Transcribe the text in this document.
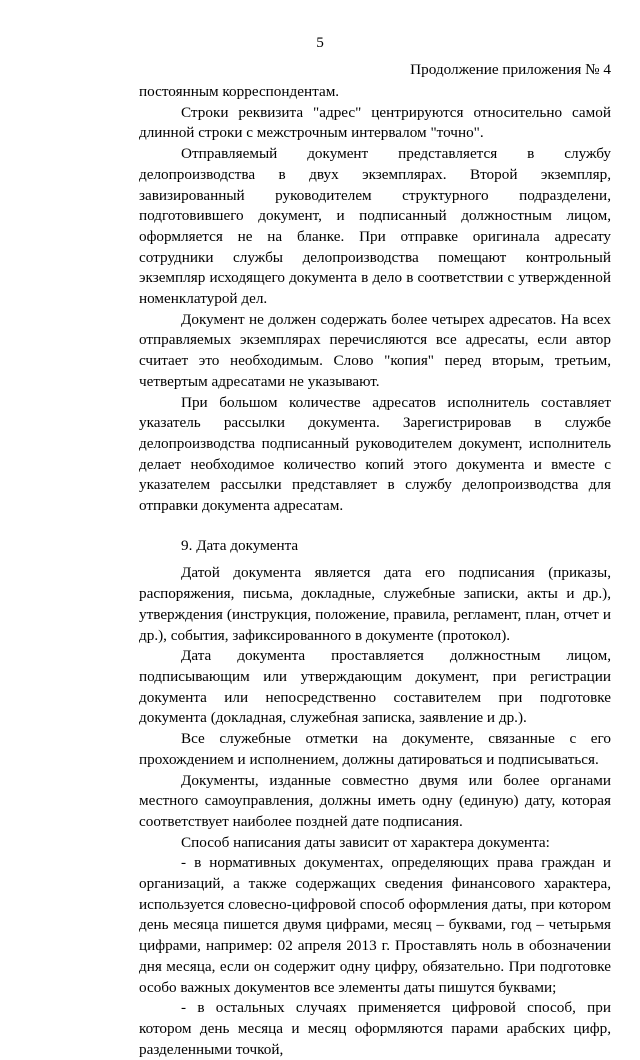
5
Продолжение приложения № 4

постоянным корреспондентам.

Строки реквизита "адрес" центрируются относительно самой длинной строки с межстрочным интервалом "точно".

Отправляемый документ представляется в службу делопроизводства в двух экземплярах. Второй экземпляр, завизированный руководителем структурного подразделени, подготовившего документ, и подписанный должностным лицом, оформляется не на бланке. При отправке оригинала адресату сотрудники службы делопроизводства помещают контрольный экземпляр исходящего документа в дело в соответствии с утвержденной номенклатурой дел.

Документ не должен содержать более четырех адресатов. На всех отправляемых экземплярах перечисляются все адресаты, если автор считает это необходимым. Слово "копия" перед вторым, третьим, четвертым адресатами не указывают.

При большом количестве адресатов исполнитель составляет указатель рассылки документа. Зарегистрировав в службе делопроизводства подписанный руководителем документ, исполнитель делает необходимое количество копий этого документа и вместе с указателем рассылки представляет в службу делопроизводства для отправки документа адресатам.

9. Дата документа

Датой документа является дата его подписания (приказы, распоряжения, письма, докладные, служебные записки, акты и др.), утверждения (инструкция, положение, правила, регламент, план, отчет и др.), события, зафиксированного в документе (протокол).

Дата документа проставляется должностным лицом, подписывающим или утверждающим документ, при регистрации документа или непосредственно составителем при подготовке документа (докладная, служебная записка, заявление и др.).

Все служебные отметки на документе, связанные с его прохождением и исполнением, должны датироваться и подписываться.

Документы, изданные совместно двумя или более органами местного самоуправления, должны иметь одну (единую) дату, которая соответствует наиболее поздней дате подписания.

Способ написания даты зависит от характера документа:

- в нормативных документах, определяющих права граждан и организаций, а также содержащих сведения финансового характера, используется словесно-цифровой способ оформления даты, при котором день месяца пишется двумя цифрами, месяц – буквами, год – четырьмя цифрами, например: 02 апреля 2013 г. Проставлять ноль в обозначении дня месяца, если он содержит одну цифру, обязательно. При подготовке особо важных документов все элементы даты пишутся буквами;

- в остальных случаях применяется цифровой способ, при котором день месяца и месяц оформляются парами арабских цифр, разделенными точкой,
